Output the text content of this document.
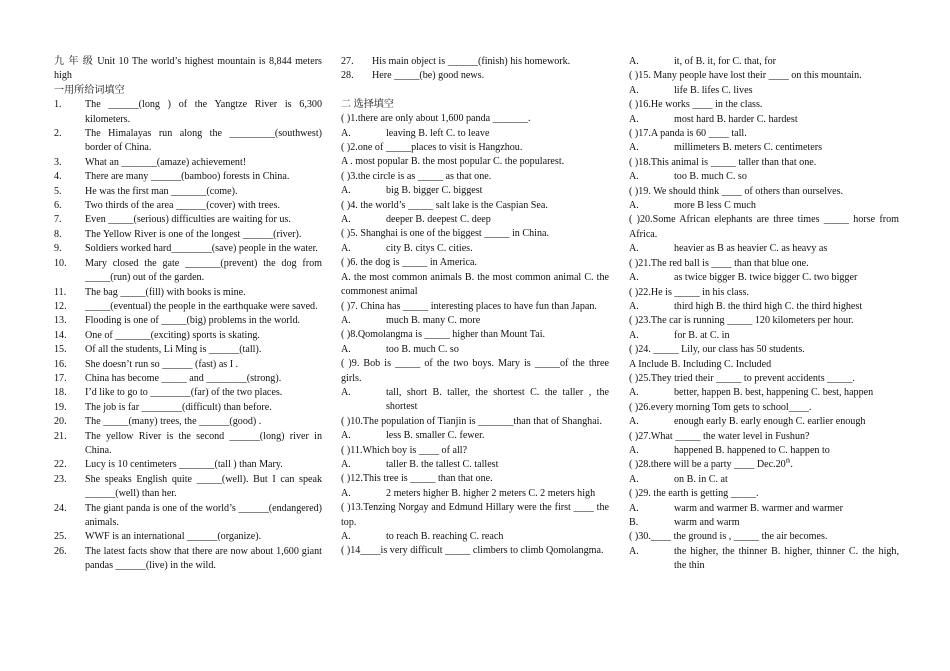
九 年 级 Unit 10 The world’s highest mountain is 8,844 meters high

一用所给词填空

1.	The ______(long ) of the Yangtze River is 6,300 kilometers.
2.	The Himalayas run along the _________(southwest) border of China.
3.	What an _______(amaze) achievement!
4.	There are many ______(bamboo) forests in China.
5.	He was the first man _______(come).
6.	Two thirds of the area ______(cover) with trees.
7.	Even _____(serious) difficulties are waiting for us.
8.	The Yellow River is one of the longest ______(river).
9.	Soldiers worked hard________(save) people in the water.
10.	Mary closed the gate _______(prevent) the dog from _____(run) out of the garden.
11.	The bag _____(fill) with books is mine.
12.	_____(eventual) the people in the earthquake were saved.
13.	Flooding is one of _____(big) problems in the world.
14.	One of _______(exciting) sports is skating.
15.	Of all the students, Li Ming is ______(tall).
16.	She doesn’t run so ______ (fast) as I .
17.	China has become _____ and ________(strong).
18.	I’d like to go to ________(far) of the two places.
19.	The job is far ________(difficult) than before.
20.	The _____(many) trees, the ______(good) .
21.	The yellow River is the second ______(long) river in China.
22.	Lucy is 10 centimeters _______(tall ) than Mary.
23.	She speaks English quite _____(well). But I can speak ______(well) than her.
24.	The giant panda is one of the world’s ______(endangered) animals.
25.	WWF is an international ______(organize).
26.	The latest facts show that there are now about 1,600 giant pandas ______(live) in the wild.
27.	His main object is ______(finish) his homework.
28.	Here _____(be) good news.

二 选择填空

( )1.there are only about 1,600 panda _______.

A.	leaving B. left C. to leave

( )2.one of _____places to visit is Hangzhou.

A . most popular B. the most popular C. the popularest.

( )3.the circle is as _____ as that one.

A.	big B. bigger C. biggest

( )4. the world’s _____ salt lake is the Caspian Sea.

A.	deeper B. deepest C. deep

( )5. Shanghai is one of the biggest _____ in China.

A.	city B. citys C. cities.

( )6. the dog is _____ in America.

A. the most common animals B. the most common animal C. the commonest animal

( )7. China has _____ interesting places to have fun than Japan.

A.	much B. many C. more

( )8.Qomolangma is _____ higher than Mount Tai.

A.	too B. much C. so

( )9. Bob is _____ of the two boys. Mary is _____of the three girls.

A.	tall, short B. taller, the shortest C. the taller , the shortest

( )10.The population of Tianjin is _______than that of Shanghai.

A.	less B. smaller C. fewer.

( )11.Which boy is ____ of all?

A.	taller B. the tallest C. tallest

( )12.This tree is _____ than that one.

A.	2 meters higher B. higher 2 meters C. 2 meters high

( )13.Tenzing Norgay and Edmund Hillary were the first ____ the top.

A.	to reach B. reaching C. reach

( )14____is very difficult _____ climbers to climb Qomolangma.

A.	it, of B. it, for C. that, for

( )15. Many people have lost their ____ on this mountain.

A.	life B. lifes C. lives

( )16.He works ____ in the class.

A.	most hard B. harder C. hardest

( )17.A panda is 60 ____ tall.

A.	millimeters B. meters C. centimeters

( )18.This animal is _____ taller than that one.

A.	too B. much C. so

( )19. We should think ____ of others than ourselves.

A.	more B less C much

( )20.Some African elephants are three times _____ horse from Africa.

A.	heavier as B as heavier C. as heavy as

( )21.The red ball is ____ than that blue one.

A.	as twice bigger B. twice bigger C. two bigger

( )22.He is _____ in his class.

A.	third high B. the third high C. the third highest

( )23.The car is running _____ 120 kilometers per hour.

A.	for B. at C. in

( )24. _____ Lily, our class has 50 students.

A Include B. Including C. Included

( )25.They tried their _____ to prevent accidents _____.

A.	better, happen B. best, happening C. best, happen

( )26.every morning Tom gets to school____.

A.	enough early B. early enough C. earlier enough

( )27.What _____ the water level in Fushun?

A.	happened B. happened to C. happen to

( )28.there will be a party ____ Dec.20th.

A.	on B. in C. at

( )29. the earth is getting _____.

A.	warm and warmer B. warmer and warmer

B.	warm and warm

( )30.____ the ground is , _____ the air becomes.

A.	the higher, the thinner B. higher, thinner C. the high, the thin
